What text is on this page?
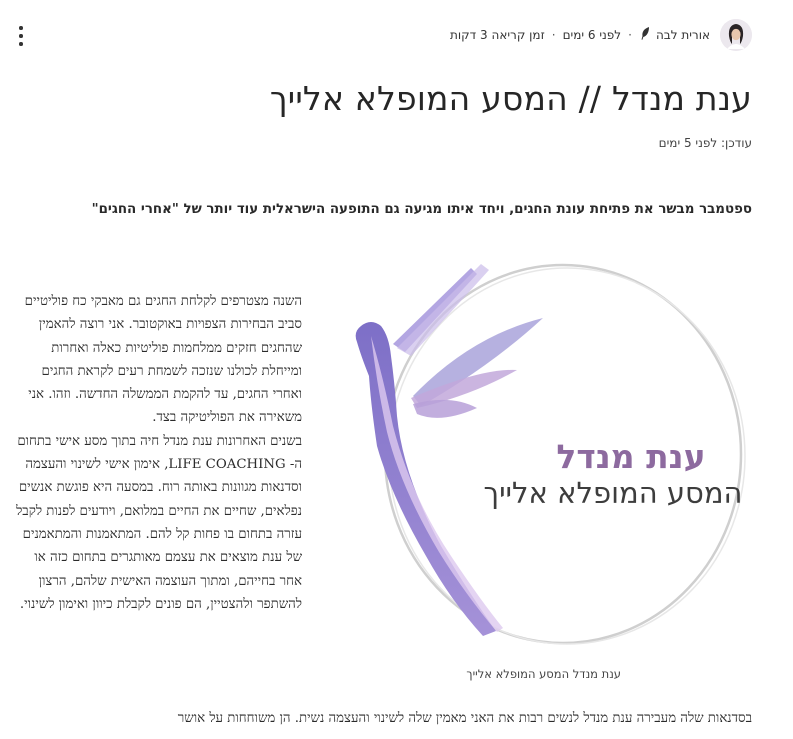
אורית לבה
·
לפני 6 ימים
·
זמן קריאה 3 דקות
ענת מנדל // המסע המופלא אלייך
עודכן: לפני 5 ימים
ספטמבר מבשר את פתיחת עונת החגים, ויחד איתו מגיעה גם התופעה הישראלית עוד יותר של "אחרי החגים"
ענת מנדל
המסע המופלא אלייך
ענת מנדל המסע המופלא אלייך

השנה מצטרפים לקלחת החגים גם מאבקי כח פוליטיים סביב הבחירות הצפויות באוקטובר. אני רוצה להאמין שהחגים חזקים ממלחמות פוליטיות כאלה ואחרות ומייחלת לכולנו שנזכה לשמחת רעים לקראת החגים ואחרי החגים, עד להקמת הממשלה החדשה. וזהו. אני משאירה את הפוליטיקה בצד.

בשנים האחרונות ענת מנדל חיה בתוך מסע אישי בתחום ה- LIFE COACHING, אימון אישי לשינוי והעצמה וסדנאות מגוונות באותה רוח. במסעה היא פוגשת אנשים נפלאים, שחיים את החיים במלואם, ויודעים לפנות לקבל עזרה בתחום בו פחות קל להם. המתאמנות והמתאמנים של ענת מוצאים את עצמם מאותגרים בתחום כזה או אחר בחייהם, ומתוך העוצמה האישית שלהם, הרצון להשתפר ולהצטיין, הם פונים לקבלת כיוון ואימון לשינוי.

בסדנאות שלה מעבירה ענת מנדל לנשים רבות את האני מאמין שלה לשינוי והעצמה נשית. הן משוחחות על אושר
